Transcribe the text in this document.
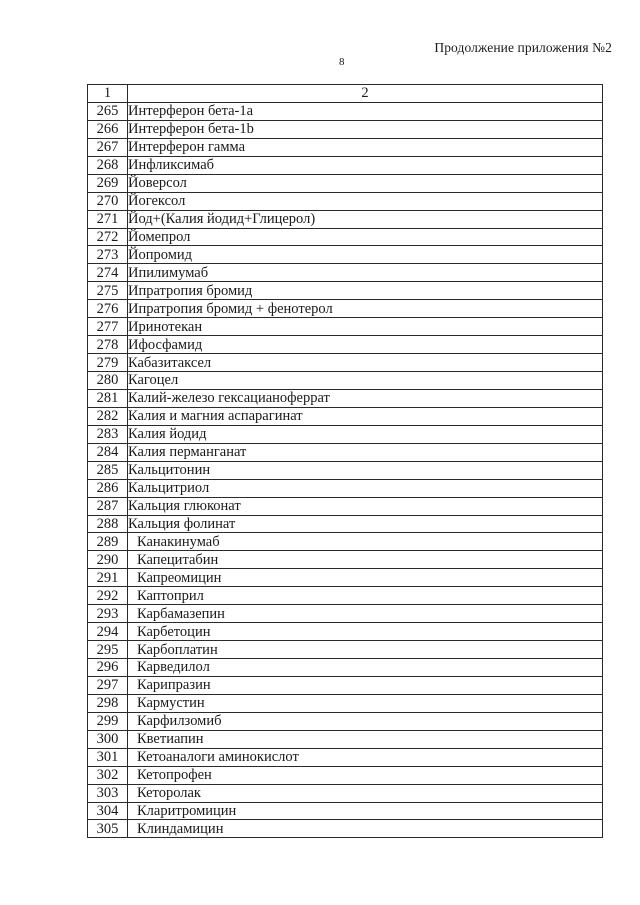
Продолжение приложения №2
8
1	2
265	Интерферон бета-1а
266	Интерферон бета-1b
267	Интерферон гамма
268	Инфликсимаб
269	Йоверсол
270	Йогексол
271	Йод+(Калия йодид+Глицерол)
272	Йомепрол
273	Йопромид
274	Ипилимумаб
275	Ипратропия бромид
276	Ипратропия бромид + фенотерол
277	Иринотекан
278	Ифосфамид
279	Кабазитаксел
280	Кагоцел
281	Калий-железо гексацианоферрат
282	Калия и магния аспарагинат
283	Калия йодид
284	Калия перманганат
285	Кальцитонин
286	Кальцитриол
287	Кальция глюконат
288	Кальция фолинат
289	Канакинумаб
290	Капецитабин
291	Капреомицин
292	Каптоприл
293	Карбамазепин
294	Карбетоцин
295	Карбоплатин
296	Карведилол
297	Карипразин
298	Кармустин
299	Карфилзомиб
300	Кветиапин
301	Кетоаналоги аминокислот
302	Кетопрофен
303	Кеторолак
304	Кларитромицин
305	Клиндамицин
